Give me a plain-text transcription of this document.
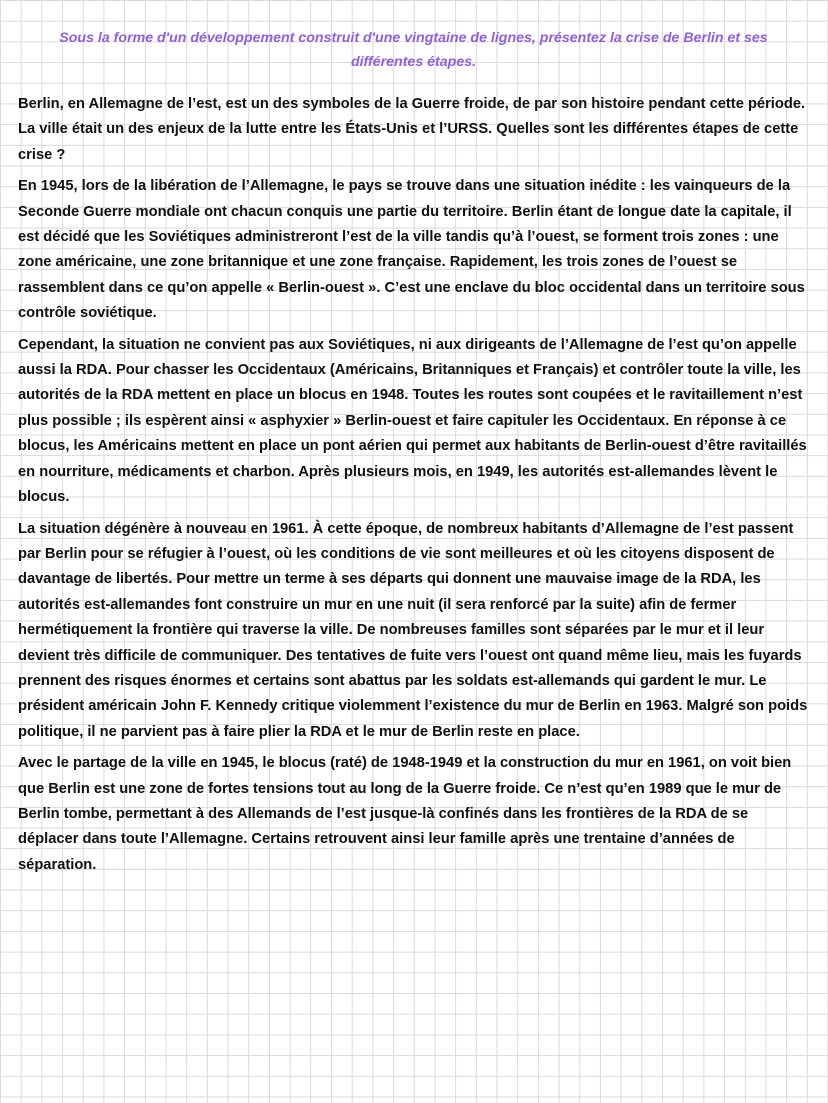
Sous la forme d'un développement construit d'une vingtaine de lignes, présentez la crise de Berlin et ses différentes étapes.

Berlin, en Allemagne de l’est, est un des symboles de la Guerre froide, de par son histoire pendant cette période. La ville était un des enjeux de la lutte entre les États-Unis et l’URSS. Quelles sont les différentes étapes de cette crise ?

En 1945, lors de la libération de l’Allemagne, le pays se trouve dans une situation inédite : les vainqueurs de la Seconde Guerre mondiale ont chacun conquis une partie du territoire. Berlin étant de longue date la capitale, il est décidé que les Soviétiques administreront l’est de la ville tandis qu’à l’ouest, se forment trois zones : une zone américaine, une zone britannique et une zone française. Rapidement, les trois zones de l’ouest se rassemblent dans ce qu’on appelle « Berlin-ouest ». C’est une enclave du bloc occidental dans un territoire sous contrôle soviétique.

Cependant, la situation ne convient pas aux Soviétiques, ni aux dirigeants de l’Allemagne de l’est qu’on appelle aussi la RDA. Pour chasser les Occidentaux (Américains, Britanniques et Français) et contrôler toute la ville, les autorités de la RDA mettent en place un blocus en 1948. Toutes les routes sont coupées et le ravitaillement n’est plus possible ; ils espèrent ainsi « asphyxier » Berlin-ouest et faire capituler les Occidentaux. En réponse à ce blocus, les Américains mettent en place un pont aérien qui permet aux habitants de Berlin-ouest d’être ravitaillés en nourriture, médicaments et charbon. Après plusieurs mois, en 1949, les autorités est-allemandes lèvent le blocus.

La situation dégénère à nouveau en 1961. À cette époque, de nombreux habitants d’Allemagne de l’est passent par Berlin pour se réfugier à l’ouest, où les conditions de vie sont meilleures et où les citoyens disposent de davantage de libertés. Pour mettre un terme à ses départs qui donnent une mauvaise image de la RDA, les autorités est-allemandes font construire un mur en une nuit (il sera renforcé par la suite) afin de fermer hermétiquement la frontière qui traverse la ville. De nombreuses familles sont séparées par le mur et il leur devient très difficile de communiquer. Des tentatives de fuite vers l’ouest ont quand même lieu, mais les fuyards prennent des risques énormes et certains sont abattus par les soldats est-allemands qui gardent le mur. Le président américain John F. Kennedy critique violemment l’existence du mur de Berlin en 1963. Malgré son poids politique, il ne parvient pas à faire plier la RDA et le mur de Berlin reste en place.

Avec le partage de la ville en 1945, le blocus (raté) de 1948-1949 et la construction du mur en 1961, on voit bien que Berlin est une zone de fortes tensions tout au long de la Guerre froide. Ce n’est qu’en 1989 que le mur de Berlin tombe, permettant à des Allemands de l’est jusque-là confinés dans les frontières de la RDA de se déplacer dans toute l’Allemagne. Certains retrouvent ainsi leur famille après une trentaine d’années de séparation.
